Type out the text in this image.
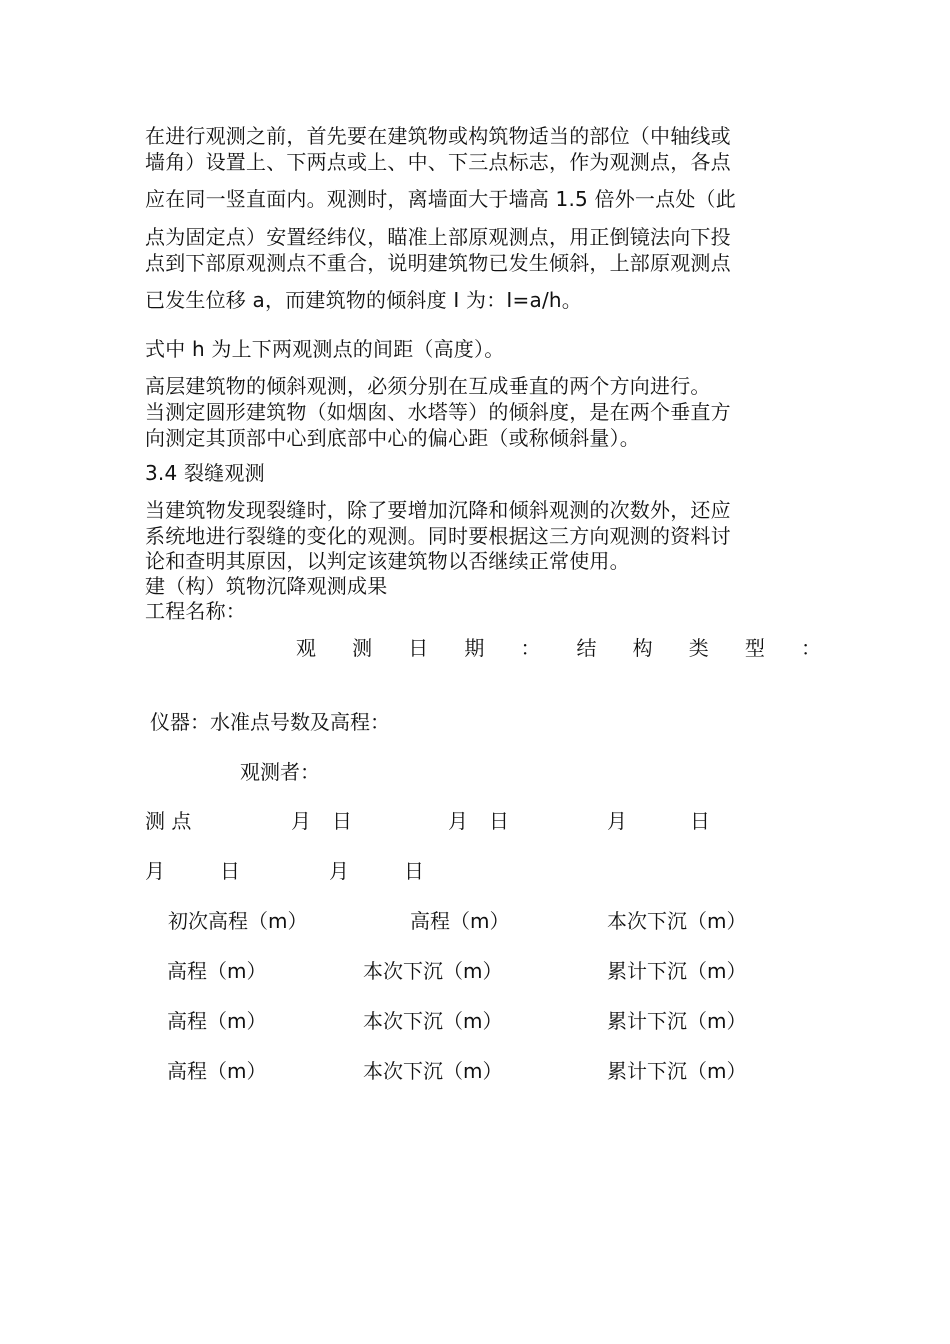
在进行观测之前，首先要在建筑物或构筑物适当的部位（中轴线或
墙角）设置上、下两点或上、中、下三点标志，作为观测点，各点
应在同一竖直面内。观测时，离墙面大于墙高 1.5 倍外一点处（此
点为固定点）安置经纬仪，瞄准上部原观测点，用正倒镜法向下投
点到下部原观测点不重合，说明建筑物已发生倾斜，上部原观测点
已发生位移 a，而建筑物的倾斜度 I 为：I=a/h。
式中 h 为上下两观测点的间距（高度）。
高层建筑物的倾斜观测，必须分别在互成垂直的两个方向进行。
当测定圆形建筑物（如烟囱、水塔等）的倾斜度，是在两个垂直方
向测定其顶部中心到底部中心的偏心距（或称倾斜量）。
3.4 裂缝观测
当建筑物发现裂缝时，除了要增加沉降和倾斜观测的次数外，还应
系统地进行裂缝的变化的观测。同时要根据这三方向观测的资料讨
论和查明其原因，以判定该建筑物以否继续正常使用。
建（构）筑物沉降观测成果
工程名称：
观 测 日 期 ： 结 构 类 型 ：
仪器：水准点号数及高程：
观测者：
测 点	月 日	月 日	月	日
月	日	月	日
初次高程（m）	高程（m）	本次下沉（m）
高程（m）	本次下沉（m）	累计下沉（m）
高程（m）	本次下沉（m）	累计下沉（m）
高程（m）	本次下沉（m）	累计下沉（m）
